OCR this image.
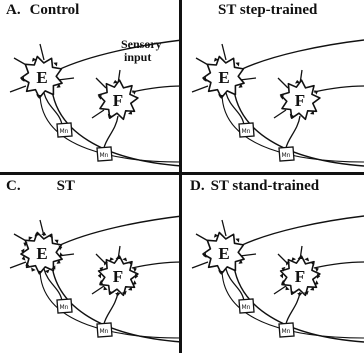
E
F
Mn
Mn
A. Control
Sensory
input
E
F
Mn
Mn
ST step-trained
E
F
Mn
Mn
C. ST
E
F
Mn
Mn
D. ST stand-trained
